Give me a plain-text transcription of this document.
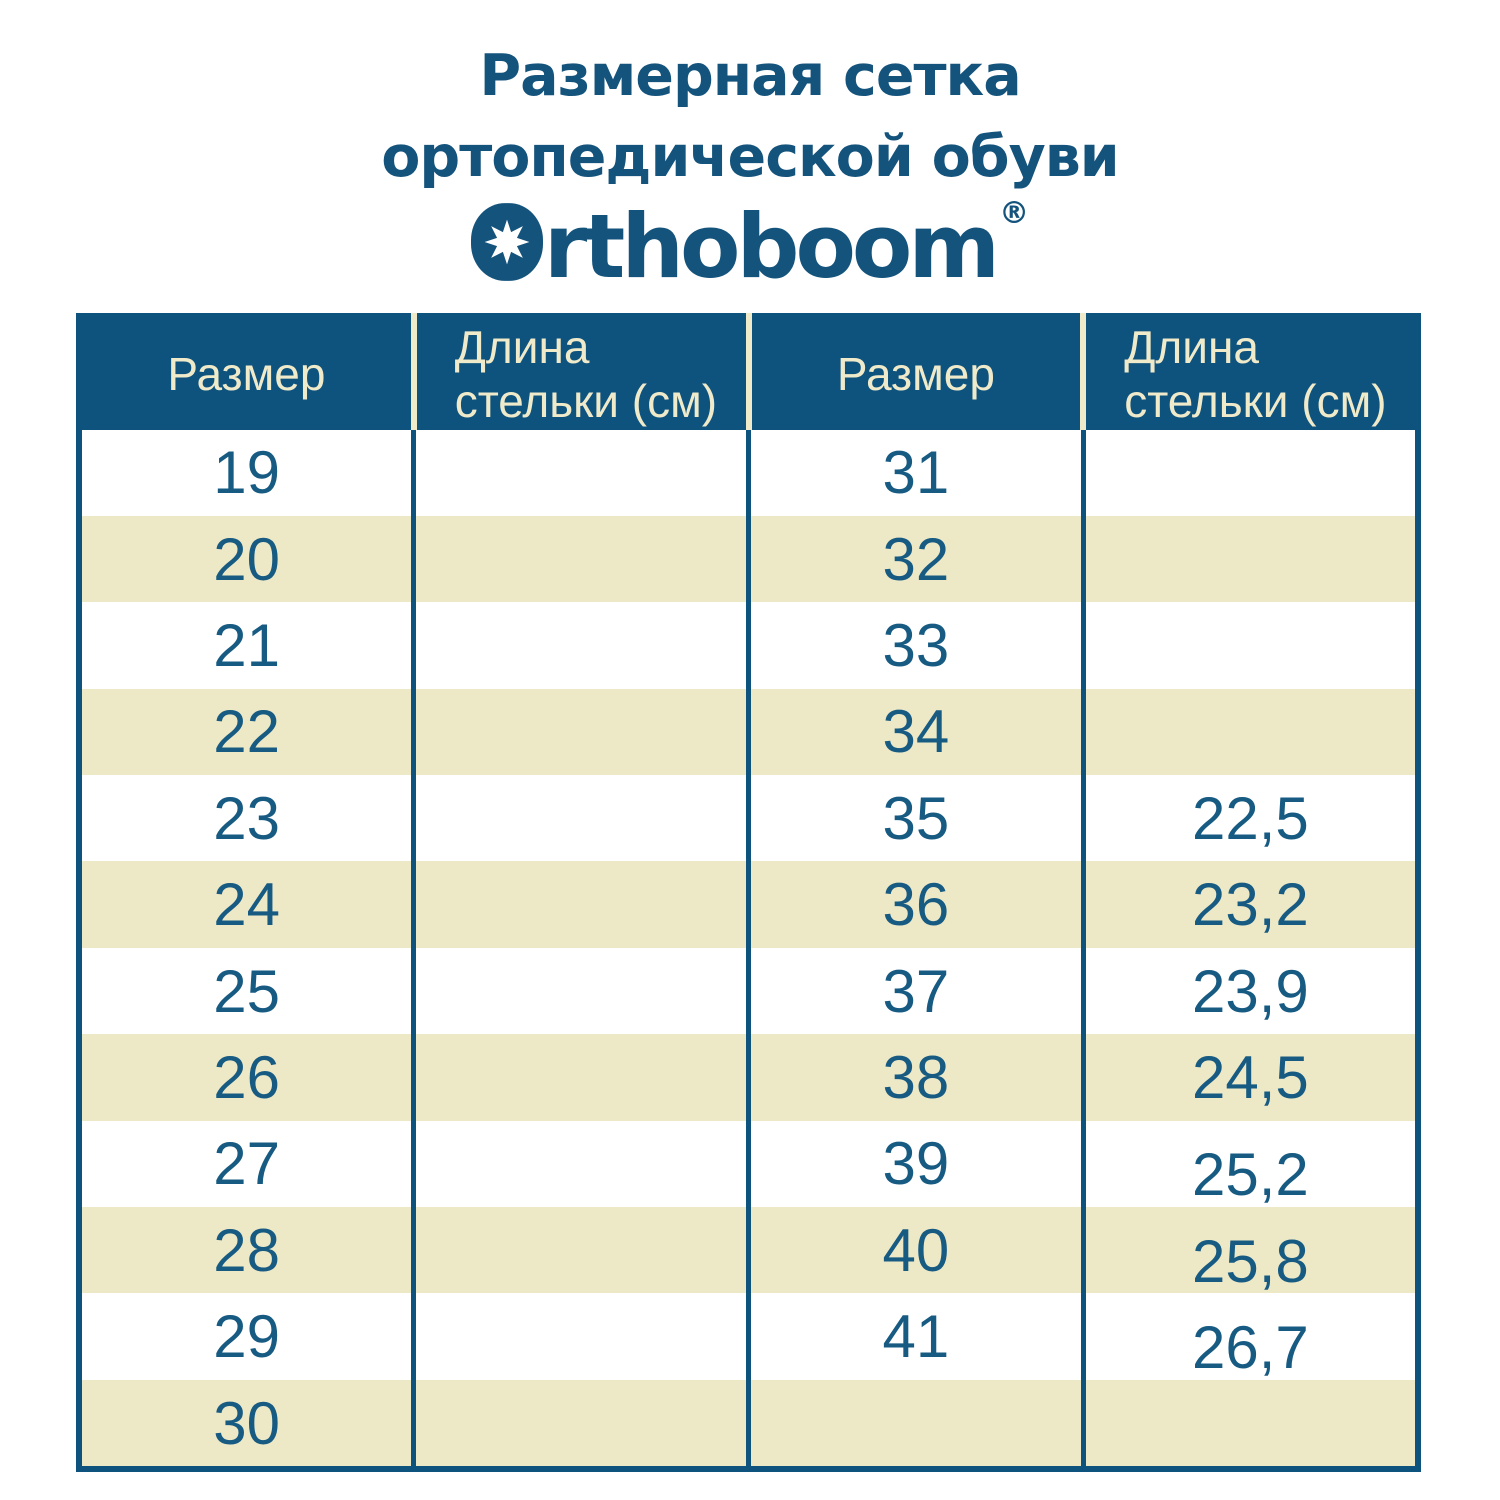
Размерная сетка
ортопедической обуви
rthoboom ®
Размер	Длина стельки (см)	Размер	Длина стельки (см)
19		31	
20		32	
21		33	
22		34	
23		35	22,5
24		36	23,2
25		37	23,9
26		38	24,5
27		39	25,2
28		40	25,8
29		41	26,7
30			
